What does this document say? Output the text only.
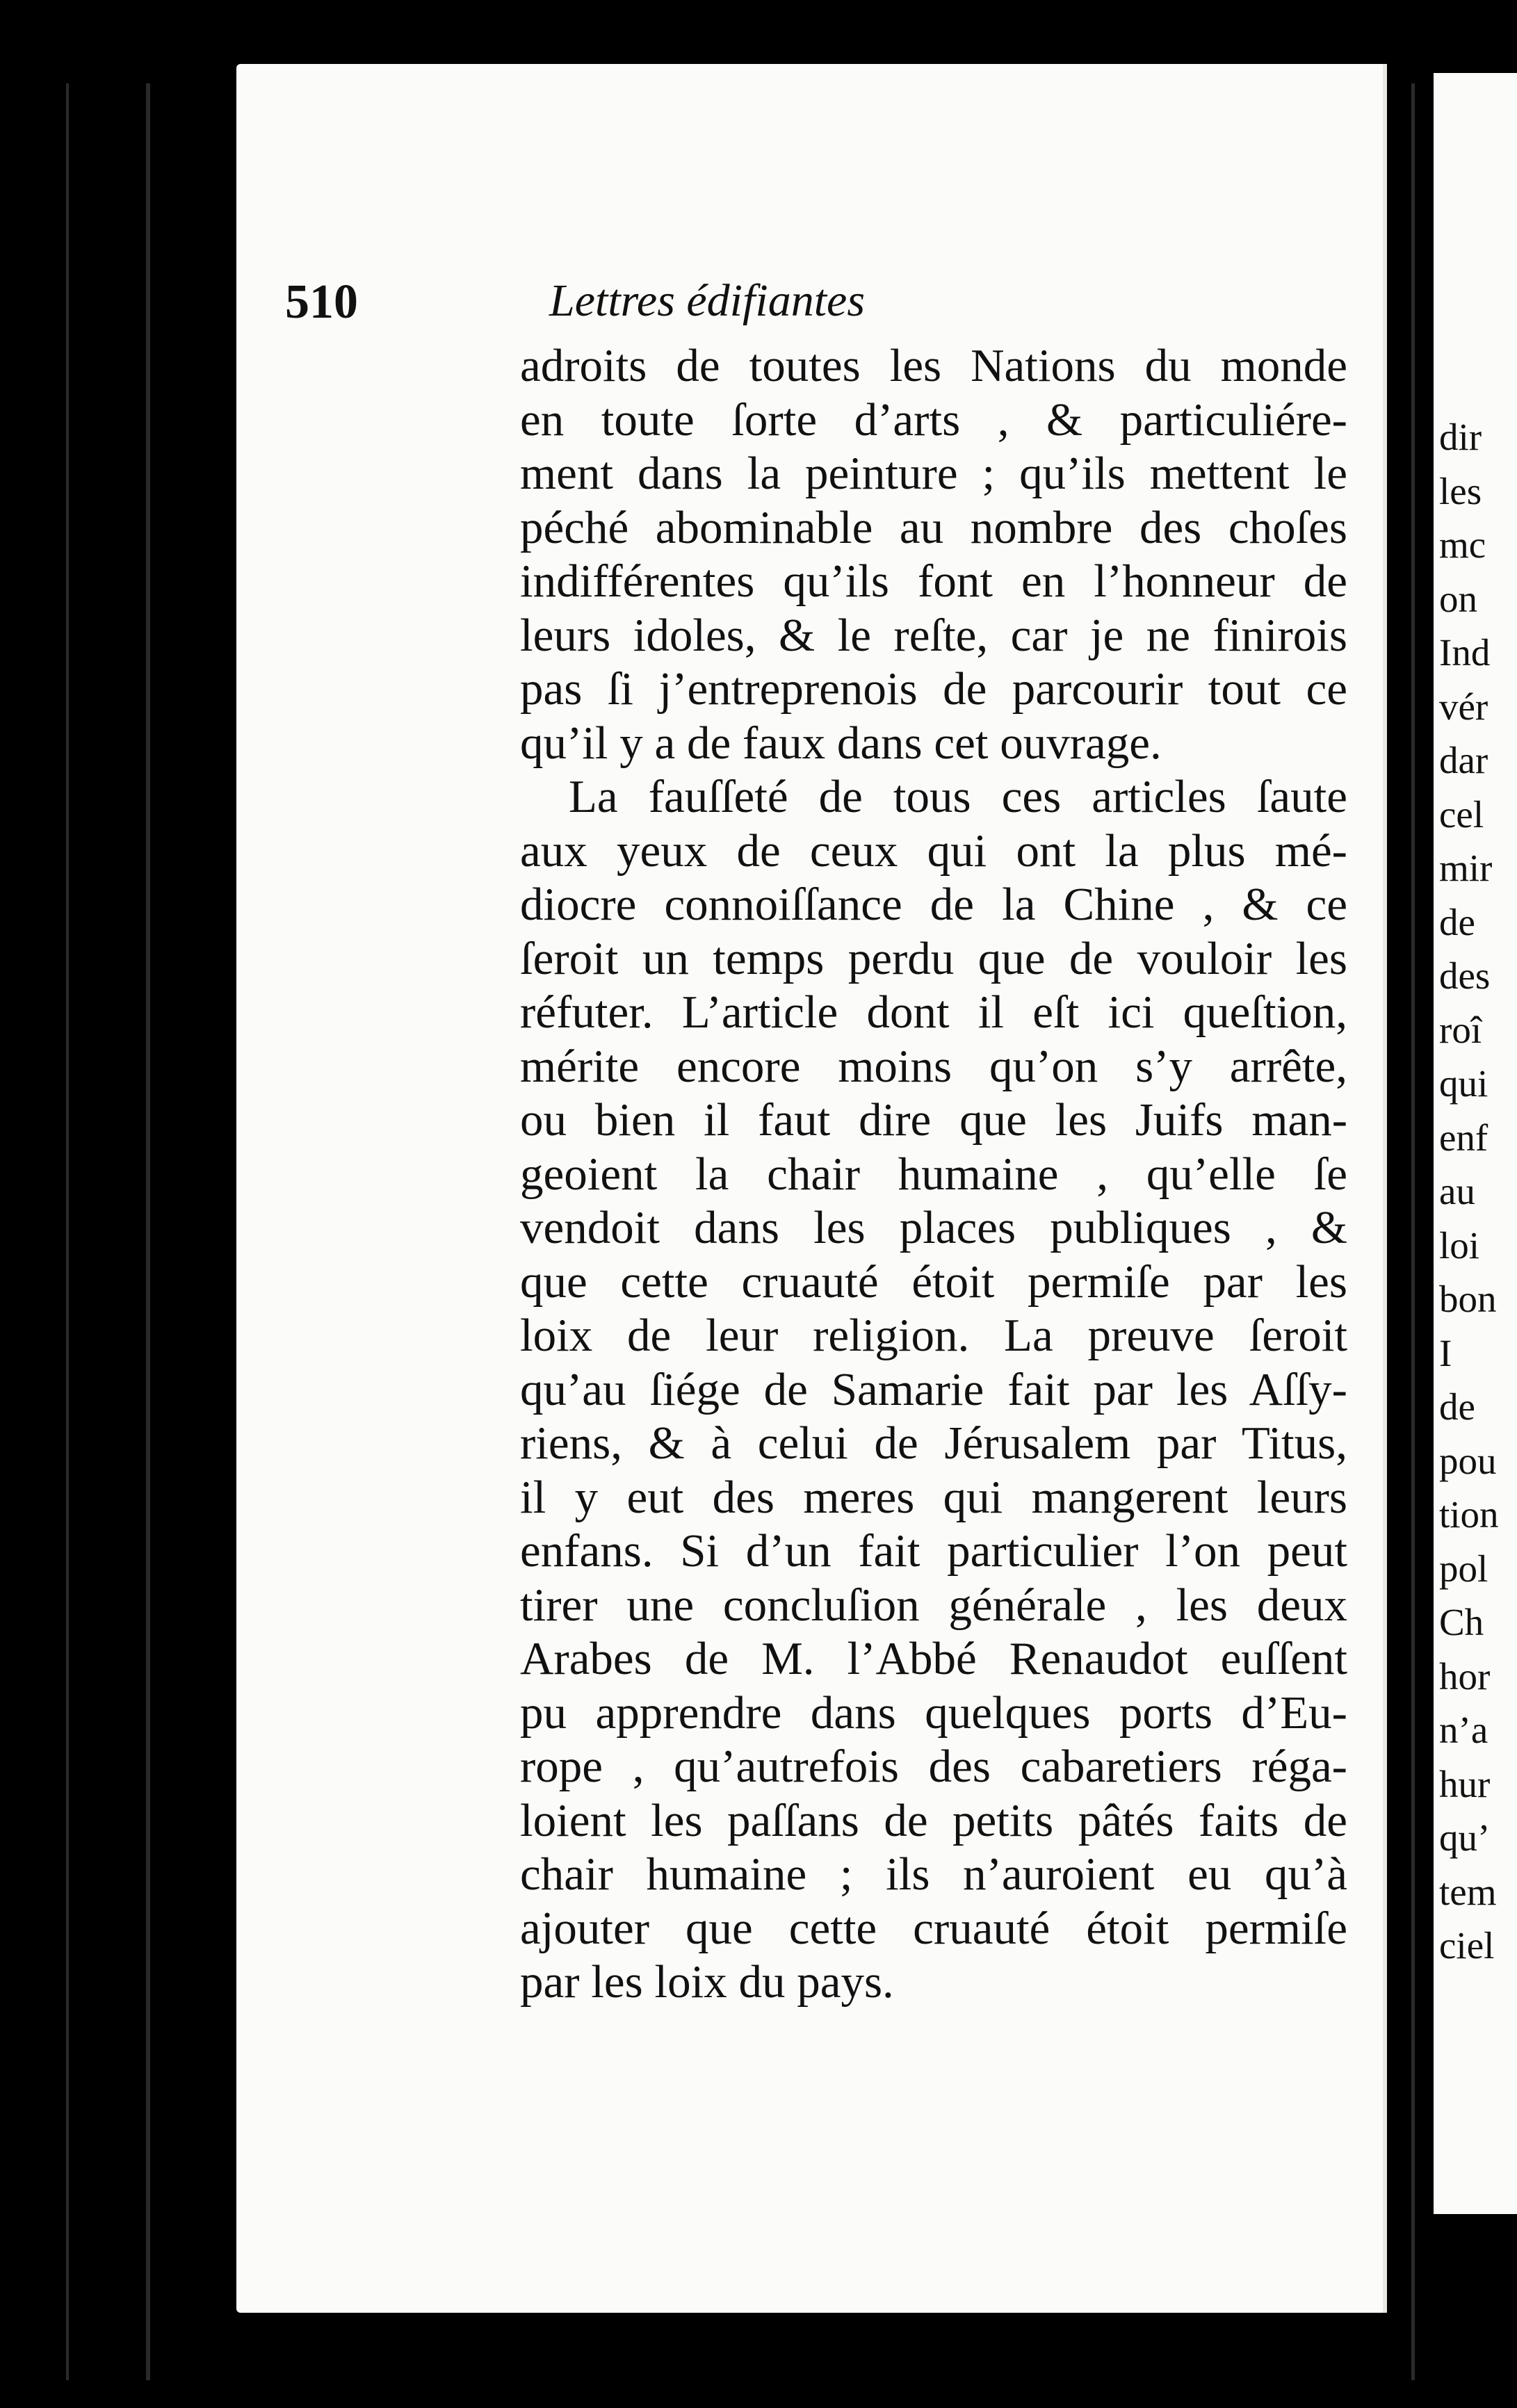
dir
les
mc
on
Ind
vér
dar
cel
mir
de
des
roî
qui
enf
au
loi
bon
I
de
pou
tion
pol
Ch
hor
n’a
hur
qu’
tem
ciel
510	Lettres édifiantes
adroits de toutes les Nations du monde
en toute ſorte d’arts , & particuliére-
ment dans la peinture ; qu’ils mettent le
péché abominable au nombre des choſes
indifférentes qu’ils font en l’honneur de
leurs idoles, & le reſte, car je ne finirois
pas ſi j’entreprenois de parcourir tout ce
qu’il y a de faux dans cet ouvrage.
La fauſſeté de tous ces articles ſaute
aux yeux de ceux qui ont la plus mé-
diocre connoiſſance de la Chine , & ce
ſeroit un temps perdu que de vouloir les
réfuter. L’article dont il eſt ici queſtion,
mérite encore moins qu’on s’y arrête,
ou bien il faut dire que les Juifs man-
geoient la chair humaine , qu’elle ſe
vendoit dans les places publiques , &
que cette cruauté étoit permiſe par les
loix de leur religion. La preuve ſeroit
qu’au ſiége de Samarie fait par les Aſſy-
riens, & à celui de Jérusalem par Titus,
il y eut des meres qui mangerent leurs
enfans. Si d’un fait particulier l’on peut
tirer une concluſion générale , les deux
Arabes de M. l’Abbé Renaudot euſſent
pu apprendre dans quelques ports d’Eu-
rope , qu’autrefois des cabaretiers réga-
loient les paſſans de petits pâtés faits de
chair humaine ; ils n’auroient eu qu’à
ajouter que cette cruauté étoit permiſe
par les loix du pays.
